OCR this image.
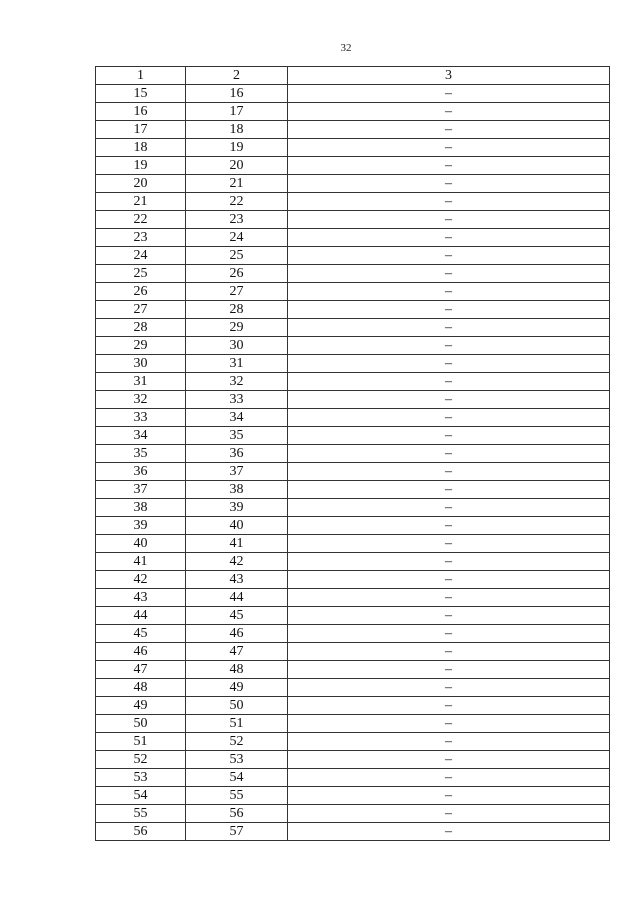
32
1	2	3
15	16	–
16	17	–
17	18	–
18	19	–
19	20	–
20	21	–
21	22	–
22	23	–
23	24	–
24	25	–
25	26	–
26	27	–
27	28	–
28	29	–
29	30	–
30	31	–
31	32	–
32	33	–
33	34	–
34	35	–
35	36	–
36	37	–
37	38	–
38	39	–
39	40	–
40	41	–
41	42	–
42	43	–
43	44	–
44	45	–
45	46	–
46	47	–
47	48	–
48	49	–
49	50	–
50	51	–
51	52	–
52	53	–
53	54	–
54	55	–
55	56	–
56	57	–
